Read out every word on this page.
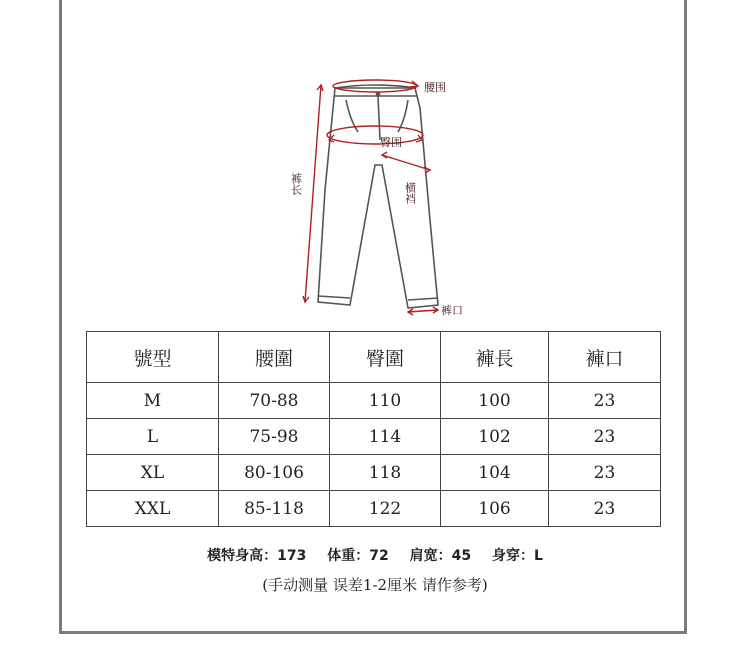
腰围
臀围
裤长	横裆
裤口
號型	腰圍	臀圍	褲長	褲口
M	70-88	110	100	23
L	75-98	114	102	23
XL	80-106	118	104	23
XXL	85-118	122	106	23
模特身高：173 体重：72 肩宽：45 身穿：L
(手动测量 误差1-2厘米 请作参考)
